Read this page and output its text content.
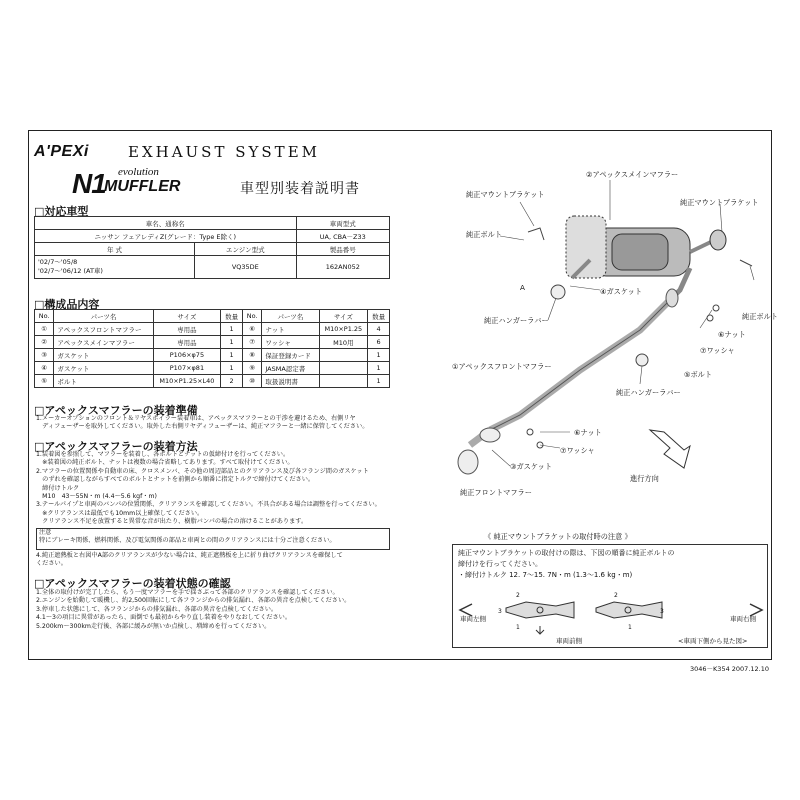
A'PEXi	EXHAUST SYSTEM
N1 evolution
MUFFLER	車型別装着説明書
□対応車型
車名、通称名		車両型式
ニッサン フェアレディZ(グレード：Type E除く)		UA, CBA－Z33
年 式	エンジン型式	製品番号
'02/7～'05/8
'02/7～'06/12 (AT車)	VQ35DE	162AN052
□構成品内容
No.	パーツ名	サイズ	数量	No.	パーツ名	サイズ	数量
①	アペックスフロントマフラー	専用品	1	⑥	ナット	M10×P1.25	4
②	アペックスメインマフラー	専用品	1	⑦	ワッシャ	M10用	6
③	ガスケット	P106×φ75	1	⑧	保証登録カード		1
④	ガスケット	P107×φ81	1	⑨	JASMA認定書		1
⑤	ボルト	M10×P1.25×L40	2	⑩	取扱説明書		1
□アペックスマフラーの装着準備
1.メーカーオプションのフロント＆リヤスポイラー装着車は、アペックスマフラーとの干渉を避けるため、右側リヤ
　ディフューザーを取外してください。取外した右側リヤディフューザーは、純正マフラーと一緒に保管してください。
□アペックスマフラーの装着方法
1.装着図を参照して、マフラーを装着し、各ボルトとナットの仮締付けを行ってください。
　※装着図の純正ボルト、ナットは複数の場合省略してあります。すべて取付けてください。
2.マフラーの位置関係や自動車の床、クロスメンバ、その他の周辺部品とのクリアランス及び各フランジ間のガスケット
　のずれを確認しながらすべてのボルトとナットを前側から順番に指定トルクで締付けてください。
　締付けトルク
　M10　43～55N・m (4.4～5.6 kgf・m)
3.テールパイプと車両のバンパの位置関係、クリアランスを確認してください。不具合がある場合は調整を行ってください。
　※クリアランスは最低でも10mm以上確保してください。
　クリアランス不足を放置すると異常な音が出たり、樹脂バンパの場合の溶けることがあります。
注意
特にブレーキ関係、燃料関係、及び電気関係の部品と車両との間のクリアランスには十分ご注意ください。
4.純正遮熱板と右図中A部のクリアランスが少ない場合は、純正遮熱板を上に折り曲げクリアランスを確保して
ください。
□アペックスマフラーの装着状態の確認
1.全体の取付けが完了したら、もう一度マフラーを手で揺さぶって各部のクリアランスを確認してください。
2.エンジンを始動して暖機し、約2,500回転にして各フランジからの排気漏れ、各部の異音を点検してください。
3.停車した状態にして、各フランジからの排気漏れ、各部の異音を点検してください。
4.1～3の項目に異常があったら、面倒でも最初からやり直し装着をやりなおしてください。
5.200km～300km走行後、各部に緩みが無いか点検し、増締めを行ってください。
純正マウントブラケット
②アペックスメインマフラー
純正マウントブラケット
純正ボルト
純正ボルト
A	④ガスケット
純正ハンガーラバー
⑥ナット
⑦ワッシャ
①アペックスフロントマフラー
⑤ボルト
純正ハンガーラバー
⑥ナット
⑦ワッシャ
③ガスケット
純正フロントマフラー
進行方向
《 純正マウントブラケットの取付時の注意 》
純正マウントブラケットの取付けの際は、下図の順番に純正ボルトの
締付けを行ってください。
・締付けトルク 12. 7～15. 7N・m (1.3～1.6 kg・m)
車両左側	車両右側
車両前側	<車両下側から見た図>
2
3
1
2
3
1
3046－K354 2007.12.10
